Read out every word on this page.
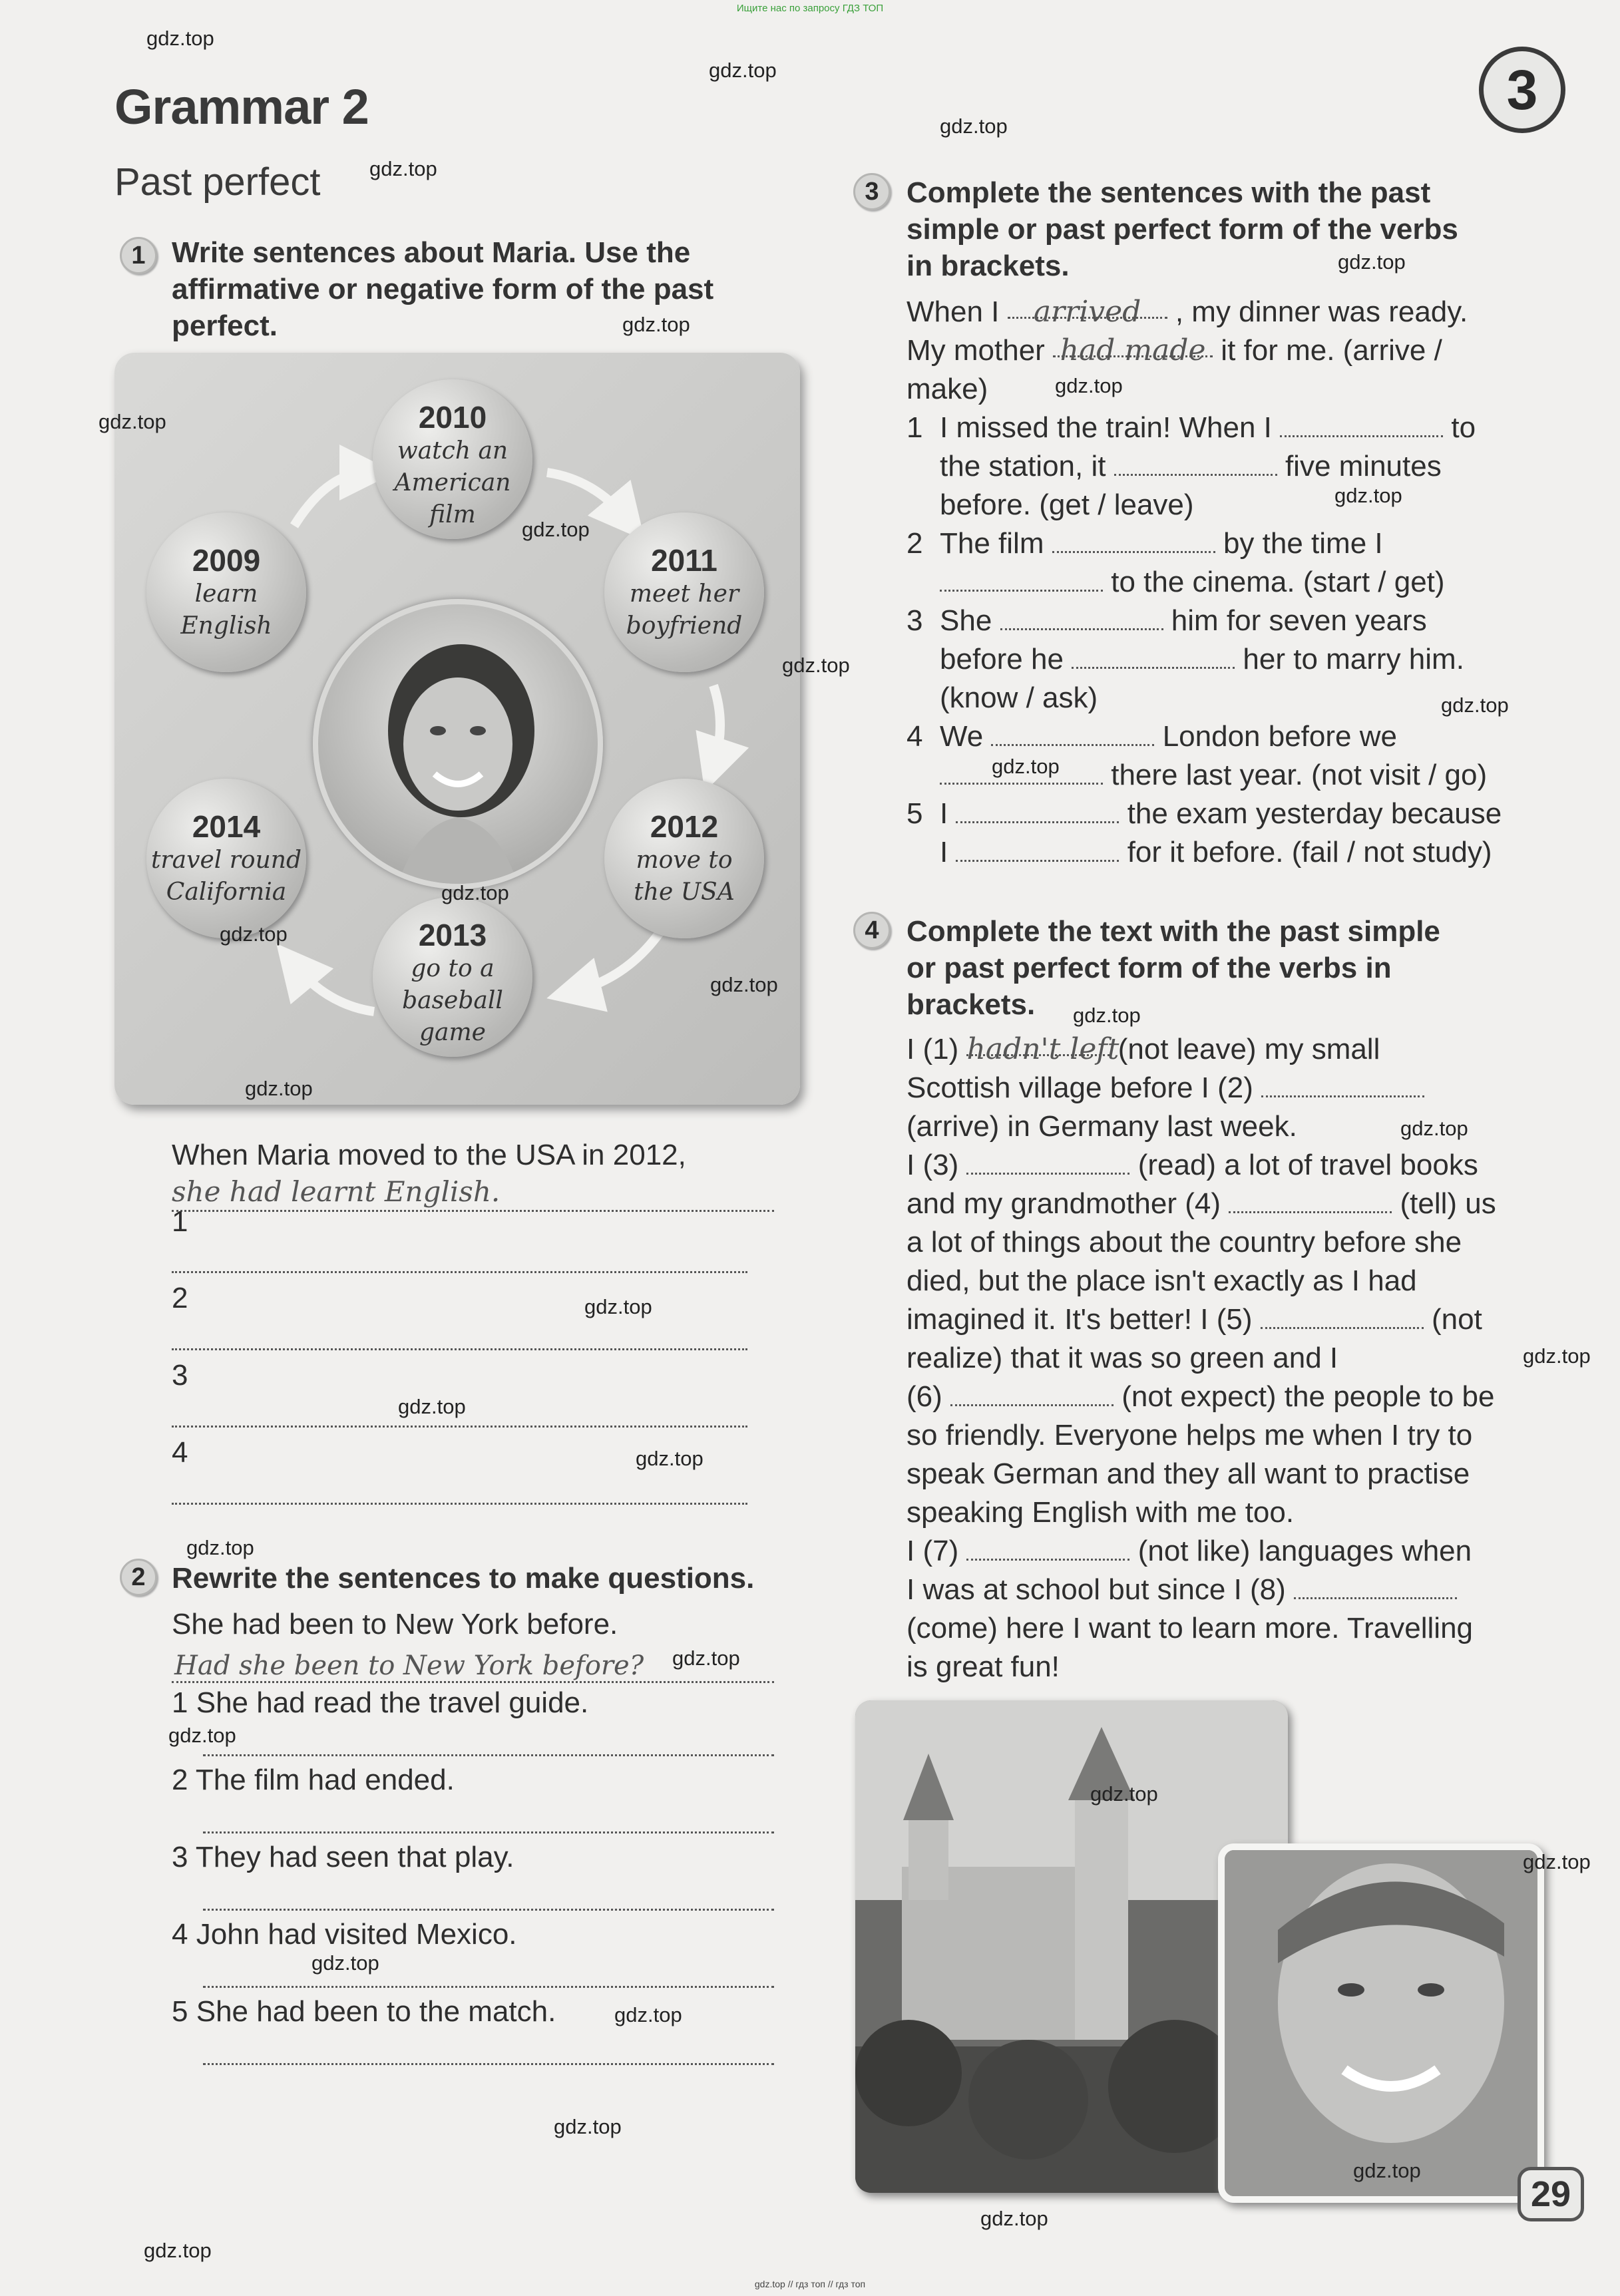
Ищите нас по запросу ГДЗ ТОП
Grammar 2
Past perfect
3
1 Write sentences about Maria. Use the
affirmative or negative form of the past
perfect.
2010
watch an
American
film
2011
meet her
boyfriend
2012
move to
the USA
2013
go to a
baseball
game
2014
travel round
California
2009
learn
English
When Maria moved to the USA in 2012,
she had learnt English.
1
2
3
4
2 Rewrite the sentences to make questions.
She had been to New York before.
Had she been to New York before?
1 She had read the travel guide.
2 The film had ended.
3 They had seen that play.
4 John had visited Mexico.
5 She had been to the match.
3 Complete the sentences with the past
simple or past perfect form of the verbs
in brackets.
When I arrived , my dinner was ready.
My mother had made it for me. (arrive /
make)
1 I missed the train! When I	to
the station, it	five minutes
before. (get / leave)
2 The film	by the time I
to the cinema. (start / get)
3 She	him for seven years
before he	her to marry him.
(know / ask)
4 We	London before we
there last year. (not visit / go)
5 I	the exam yesterday because
I	for it before. (fail / not study)
4 Complete the text with the past simple
or past perfect form of the verbs in
brackets.
I (1) hadn't left (not leave) my small
Scottish village before I (2)
(arrive) in Germany last week.
I (3)	(read) a lot of travel books
and my grandmother (4)	(tell) us
a lot of things about the country before she
died, but the place isn't exactly as I had
imagined it. It's better! I (5)	(not
realize) that it was so green and I
(6)	(not expect) the people to be
so friendly. Everyone helps me when I try to
speak German and they all want to practise
speaking English with me too.
I (7)	(not like) languages when
I was at school but since I (8)
(come) here I want to learn more. Travelling
is great fun!
29
gdz.top
gdz.top
gdz.top
gdz.top
gdz.top
gdz.top
gdz.top
gdz.top
gdz.top
gdz.top
gdz.top
gdz.top
gdz.top
gdz.top
gdz.top
gdz.top
gdz.top
gdz.top
gdz.top
gdz.top
gdz.top
gdz.top
gdz.top
gdz.top
gdz.top
gdz.top
gdz.top
gdz.top
gdz.top
gdz.top
gdz.top
gdz.top
gdz.top
gdz.top
gdz.top // гдз топ // гдз топ
